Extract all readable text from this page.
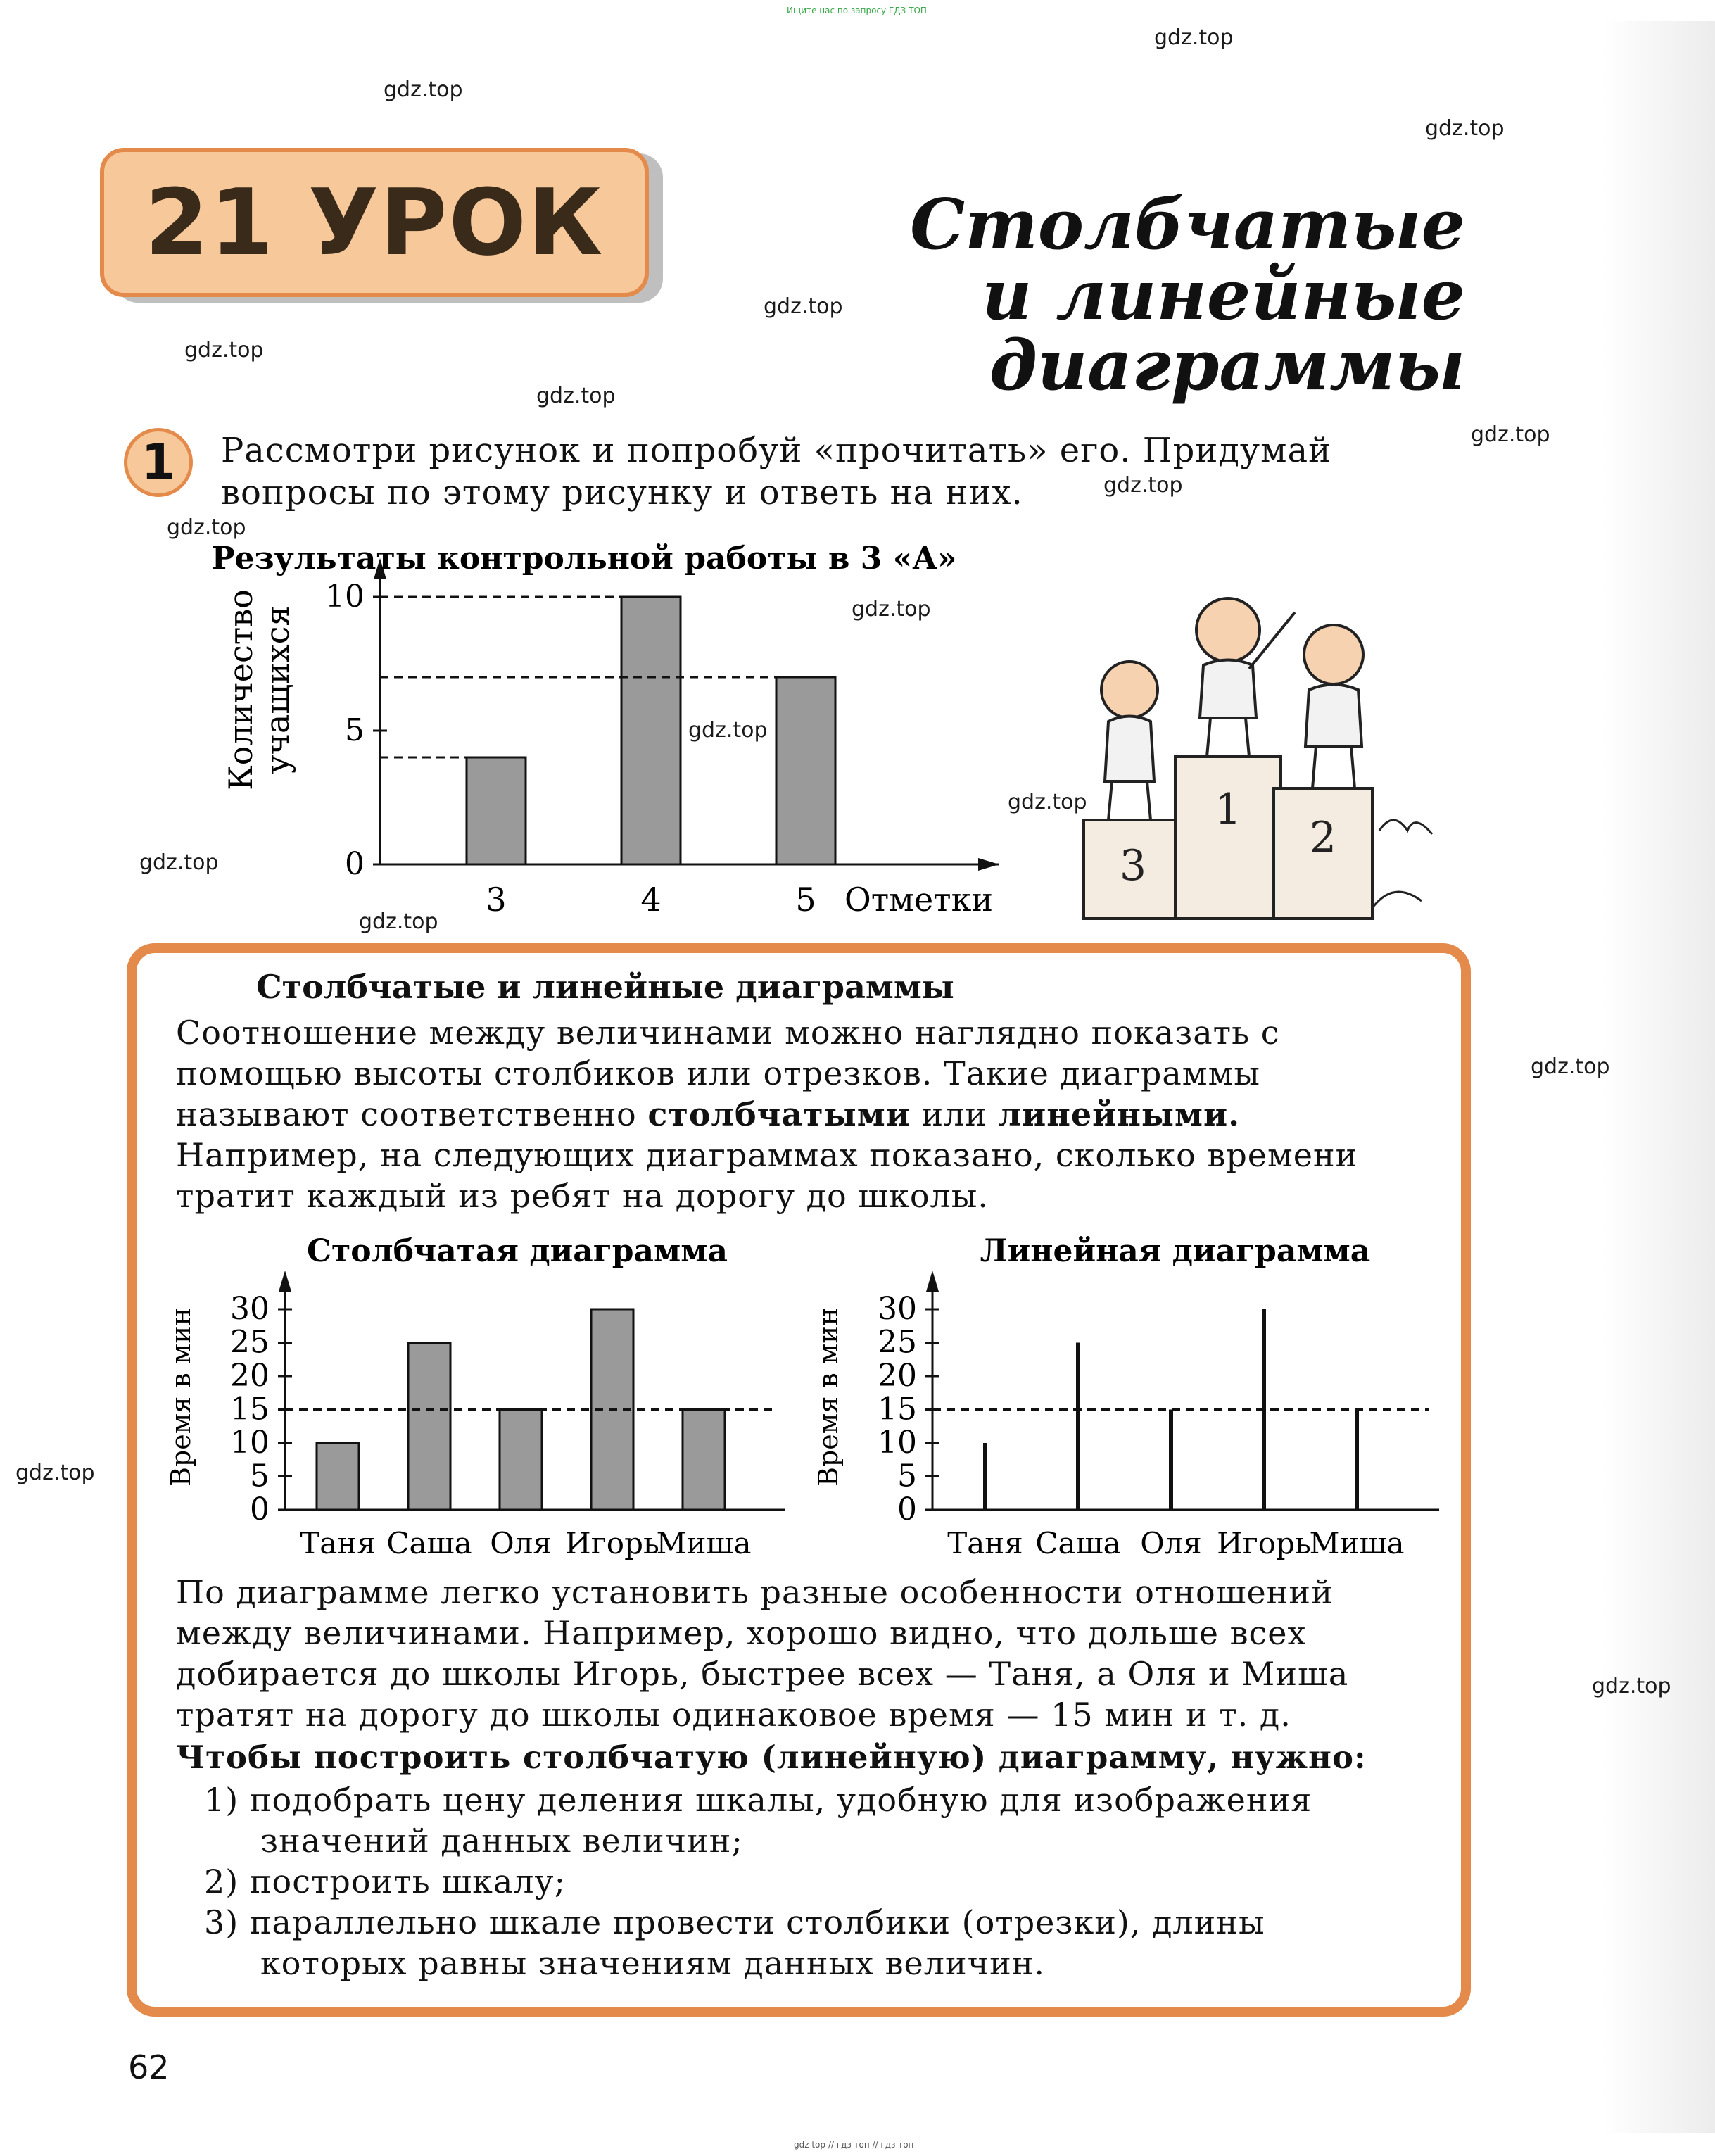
Ищите нас по запросу ГДЗ ТОП
gdz top // гдз топ // гдз топ
gdz.top
gdz.top
gdz.top
gdz.top
gdz.top
gdz.top
gdz.top
gdz.top
gdz.top
gdz.top
gdz.top
gdz.top
gdz.top
gdz.top
gdz.top
gdz.top
gdz.top
21 УРОК	Столбчатые
и линейные
диаграммы
1 Рассмотри рисунок и попробуй «прочитать» его. Придумай
вопросы по этому рисунку и ответь на них.
Результаты контрольной работы в 3 «А»
0
5
10
Количество
учащихся
3	4	5 Отметки
1
2
3
Столбчатые и линейные диаграммы
Соотношение между величинами можно наглядно показать с
помощью высоты столбиков или отрезков. Такие диаграммы
называют соответственно столбчатыми или линейными.
Например, на следующих диаграммах показано, сколько времени
тратит каждый из ребят на дорогу до школы.
Столбчатая диаграмма
0
5
10
15
20
25
30
Время в мин
Таня Саша Оля Игорь
Миша
Линейная диаграмма
0
5
10
15
20
25
30
Время в мин
Таня Саша Оля Игорь
Миша
По диаграмме легко установить разные особенности отношений
между величинами. Например, хорошо видно, что дольше всех
добирается до школы Игорь, быстрее всех — Таня, а Оля и Миша
тратят на дорогу до школы одинаковое время — 15 мин и т. д.
Чтобы построить столбчатую (линейную) диаграмму, нужно:
1) подобрать цену деления шкалы, удобную для изображения
значений данных величин;
2) построить шкалу;
3) параллельно шкале провести столбики (отрезки), длины
которых равны значениям данных величин.
62
